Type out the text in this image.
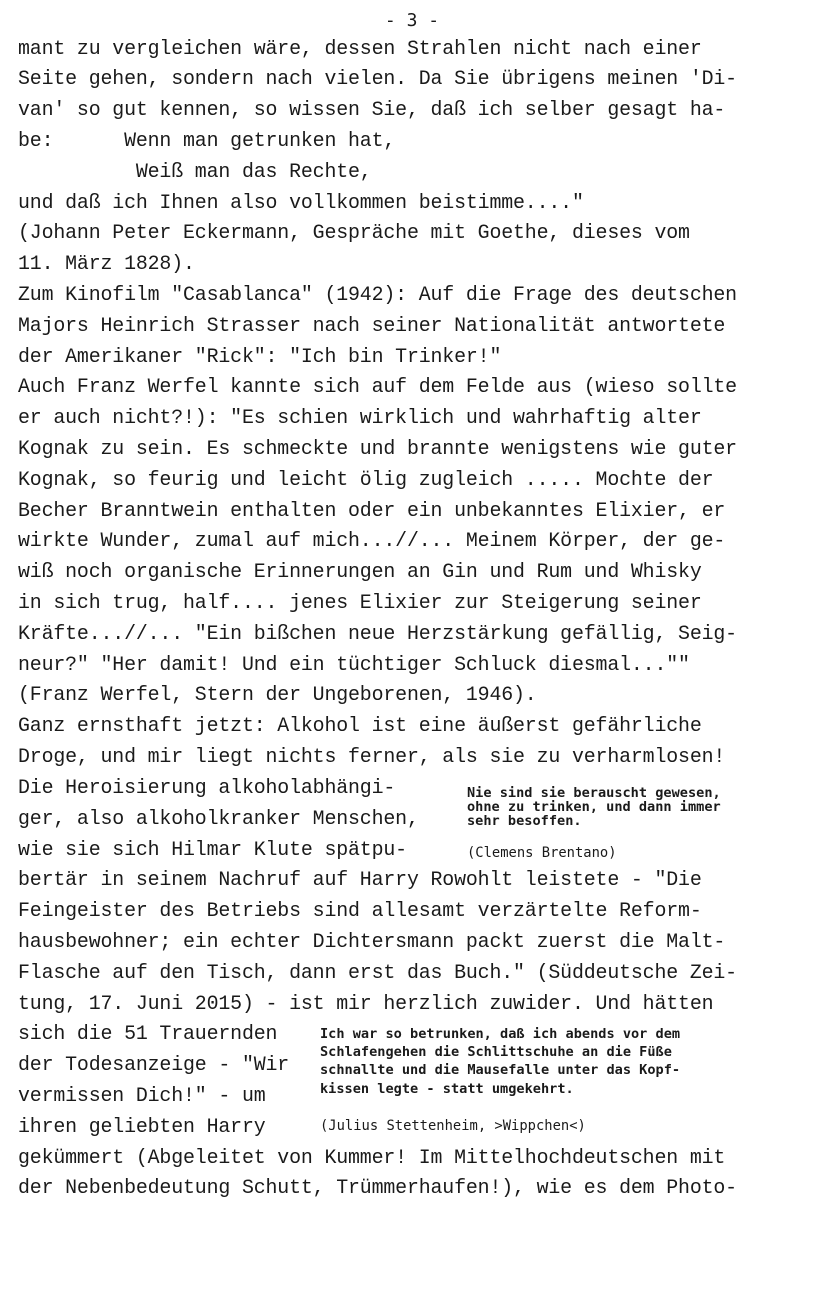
- 3 -
mant zu vergleichen wäre, dessen Strahlen nicht nach einer
Seite gehen, sondern nach vielen. Da Sie übrigens meinen 'Di-
van' so gut kennen, so wissen Sie, daß ich selber gesagt ha-
be:      Wenn man getrunken hat,
Weiß man das Rechte,
und daß ich Ihnen also vollkommen beistimme...."
(Johann Peter Eckermann, Gespräche mit Goethe, dieses vom
11. März 1828).
Zum Kinofilm "Casablanca" (1942): Auf die Frage des deutschen
Majors Heinrich Strasser nach seiner Nationalität antwortete
der Amerikaner "Rick": "Ich bin Trinker!"
Auch Franz Werfel kannte sich auf dem Felde aus (wieso sollte
er auch nicht?!): "Es schien wirklich und wahrhaftig alter
Kognak zu sein. Es schmeckte und brannte wenigstens wie guter
Kognak, so feurig und leicht ölig zugleich ..... Mochte der
Becher Branntwein enthalten oder ein unbekanntes Elixier, er
wirkte Wunder, zumal auf mich...//... Meinem Körper, der ge-
wiß noch organische Erinnerungen an Gin und Rum und Whisky
in sich trug, half.... jenes Elixier zur Steigerung seiner
Kräfte...//... "Ein bißchen neue Herzstärkung gefällig, Seig-
neur?" "Her damit! Und ein tüchtiger Schluck diesmal...""
(Franz Werfel, Stern der Ungeborenen, 1946).
Ganz ernsthaft jetzt: Alkohol ist eine äußerst gefährliche
Droge, und mir liegt nichts ferner, als sie zu verharmlosen!
Die Heroisierung alkoholabhängi-
ger, also alkoholkranker Menschen,
wie sie sich Hilmar Klute spätpu-
bertär in seinem Nachruf auf Harry Rowohlt leistete - "Die
Feingeister des Betriebs sind allesamt verzärtelte Reform-
hausbewohner; ein echter Dichtersmann packt zuerst die Malt-
Flasche auf den Tisch, dann erst das Buch." (Süddeutsche Zei-
tung, 17. Juni 2015) - ist mir herzlich zuwider. Und hätten
sich die 51 Trauernden
der Todesanzeige - "Wir
vermissen Dich!" - um
ihren geliebten Harry
gekümmert (Abgeleitet von Kummer! Im Mittelhochdeutschen mit
der Nebenbedeutung Schutt, Trümmerhaufen!), wie es dem Photo-
Nie sind sie berauscht gewesen,
ohne zu trinken, und dann immer
sehr besoffen.
(Clemens Brentano)
Ich war so betrunken, daß ich abends vor dem
Schlafengehen die Schlittschuhe an die Füße
schnallte und die Mausefalle unter das Kopf-
kissen legte - statt umgekehrt.
(Julius Stettenheim, >Wippchen<)
